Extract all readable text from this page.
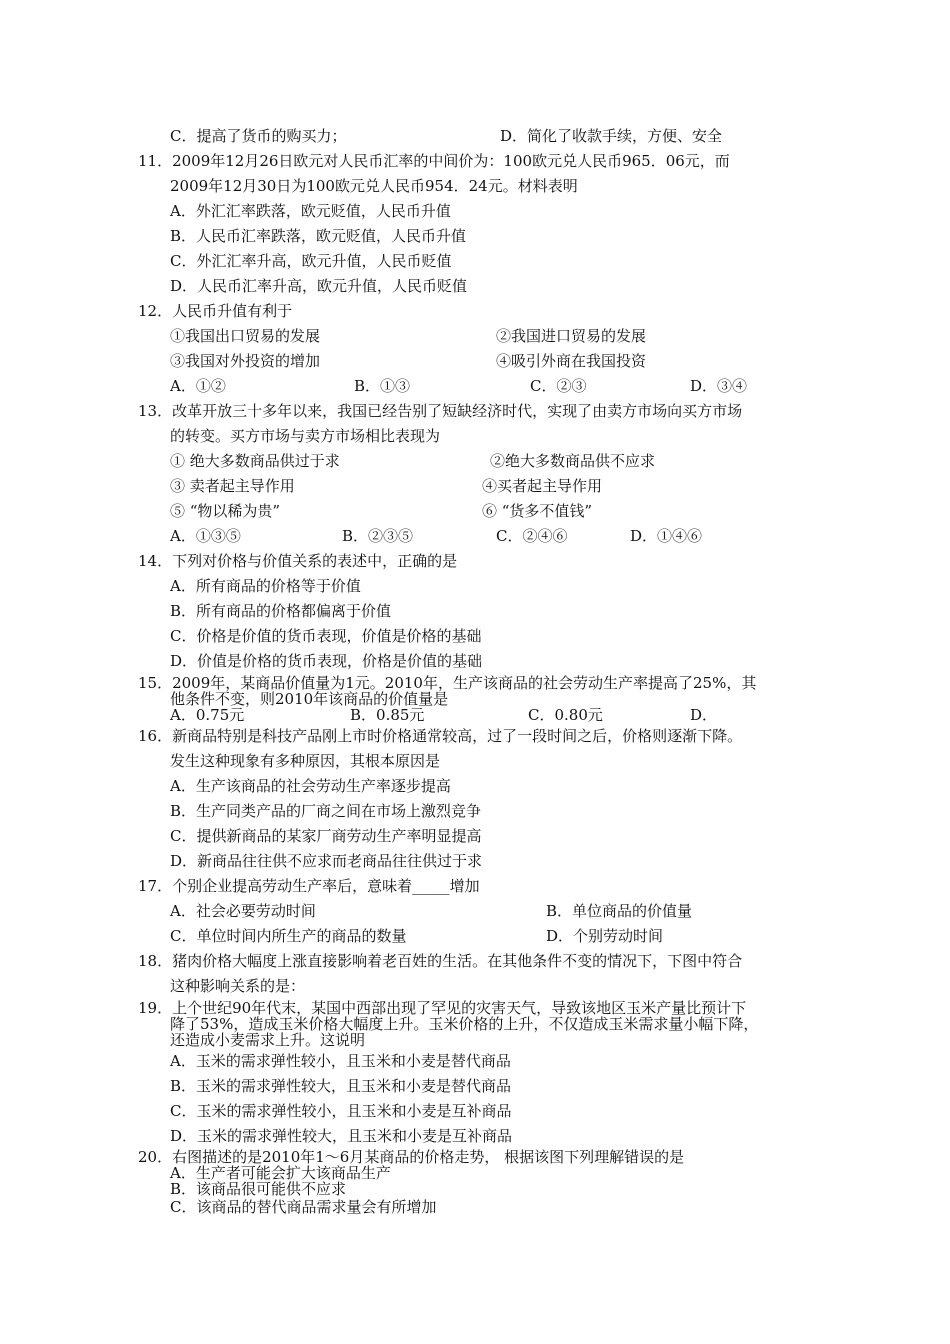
C．提高了货币的购买力；	D．简化了收款手续，方便、安全
11．2009年12月26日欧元对人民币汇率的中间价为：100欧元兑人民币965．06元，而
2009年12月30日为100欧元兑人民币954．24元。材料表明
A．外汇汇率跌落，欧元贬值，人民币升值
B．人民币汇率跌落，欧元贬值，人民币升值
C．外汇汇率升高，欧元升值，人民币贬值
D．人民币汇率升高，欧元升值，人民币贬值
12．人民币升值有利于
①我国出口贸易的发展	②我国进口贸易的发展
③我国对外投资的增加	④吸引外商在我国投资
A．①②	B．①③	C．②③	D．③④
13．改革开放三十多年以来，我国已经告别了短缺经济时代，实现了由卖方市场向买方市场
的转变。买方市场与卖方市场相比表现为
① 绝大多数商品供过于求	②绝大多数商品供不应求
③ 卖者起主导作用	④买者起主导作用
⑤ “物以稀为贵”	⑥ “货多不值钱”
A．①③⑤	B．②③⑤	C．②④⑥	D．①④⑥
14．下列对价格与价值关系的表述中，正确的是
A．所有商品的价格等于价值
B．所有商品的价格都偏离于价值
C．价格是价值的货币表现，价值是价格的基础
D．价值是价格的货币表现，价格是价值的基础
15．2009年，某商品价值量为1元。2010年，生产该商品的社会劳动生产率提高了25%，其
他条件不变，则2010年该商品的价值量是
A．0.75元	B．0.85元	C．0.80元	D．
16．新商品特别是科技产品刚上市时价格通常较高，过了一段时间之后，价格则逐渐下降。
发生这种现象有多种原因，其根本原因是
A．生产该商品的社会劳动生产率逐步提高
B．生产同类产品的厂商之间在市场上激烈竞争
C．提供新商品的某家厂商劳动生产率明显提高
D．新商品往往供不应求而老商品往往供过于求
17．个别企业提高劳动生产率后，意味着_____增加
A．社会必要劳动时间	B．单位商品的价值量
C．单位时间内所生产的商品的数量	D．个别劳动时间
18．猪肉价格大幅度上涨直接影响着老百姓的生活。在其他条件不变的情况下，下图中符合
这种影响关系的是：
19．上个世纪90年代末，某国中西部出现了罕见的灾害天气，导致该地区玉米产量比预计下
降了53%，造成玉米价格大幅度上升。玉米价格的上升，不仅造成玉米需求量小幅下降，
还造成小麦需求上升。这说明
A．玉米的需求弹性较小，且玉米和小麦是替代商品
B．玉米的需求弹性较大，且玉米和小麦是替代商品
C．玉米的需求弹性较小，且玉米和小麦是互补商品
D．玉米的需求弹性较大，且玉米和小麦是互补商品
20．右图描述的是2010年1～6月某商品的价格走势， 根据该图下列理解错误的是
A．生产者可能会扩大该商品生产
B．该商品很可能供不应求
C．该商品的替代商品需求量会有所增加
